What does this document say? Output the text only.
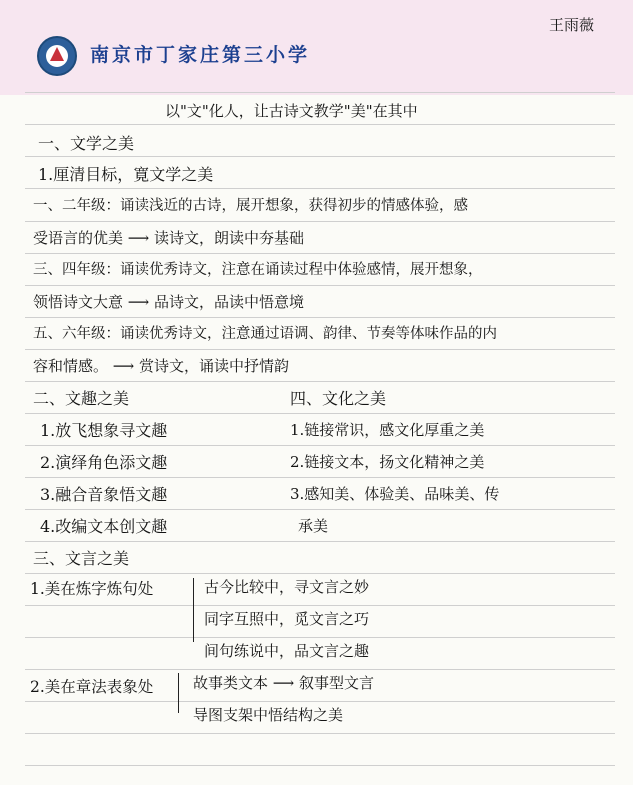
王雨薇
南京市丁家庄第三小学
以"文"化人，让古诗文教学"美"在其中
一、文学之美
1.厘清目标，寛文学之美
一、二年级：诵读浅近的古诗，展开想象，获得初步的情感体验，感
受语言的优美 ⟶ 读诗文，朗读中夯基础
三、四年级：诵读优秀诗文，注意在诵读过程中体验感情，展开想象，
领悟诗文大意 ⟶ 品诗文，品读中悟意境
五、六年级：诵读优秀诗文，注意通过语调、韵律、节奏等体味作品的内
容和情感。 ⟶ 赏诗文，诵读中抒情韵
二、文趣之美
1.放飞想象寻文趣
2.演绎角色添文趣
3.融合音象悟文趣
4.改编文本创文趣
四、文化之美
1.链接常识，感文化厚重之美
2.链接文本，扬文化精神之美
3.感知美、体验美、品味美、传
承美
三、文言之美
1.美在炼字炼句处	古今比较中，寻文言之妙
同字互照中，觅文言之巧
间句练说中，品文言之趣
2.美在章法表象处	故事类文本 ⟶ 叙事型文言
导图支架中悟结构之美
